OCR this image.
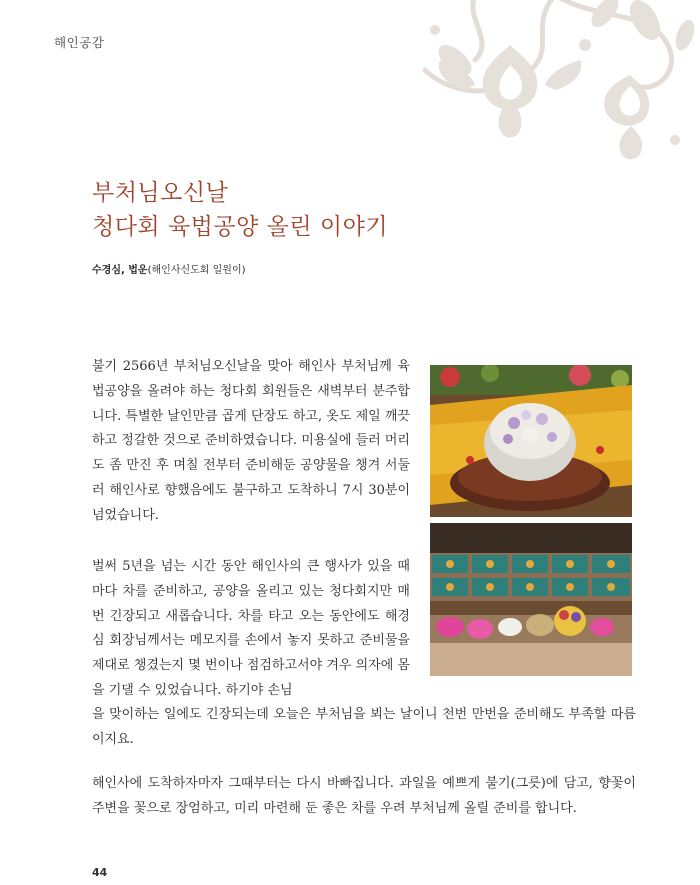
해인공감
부처님오신날
청다회 육법공양 올린 이야기
수경심, 법운(해인사신도회 일원이)
불기 2566년 부처님오신날을 맞아 해인사 부처님께 육법공양을 올려야 하는 청다회 회원들은 새벽부터 분주합니다. 특별한 날인만큼 곱게 단장도 하고, 옷도 제일 깨끗하고 정갈한 것으로 준비하였습니다. 미용실에 들러 머리도 좀 만진 후 며칠 전부터 준비해둔 공양물을 챙겨 서둘러 해인사로 향했음에도 불구하고 도착하니 7시 30분이 넘었습니다.
벌써 5년을 넘는 시간 동안 해인사의 큰 행사가 있을 때마다 차를 준비하고, 공양을 올리고 있는 청다회지만 매번 긴장되고 새롭습니다. 차를 타고 오는 동안에도 해경심 회장님께서는 메모지를 손에서 놓지 못하고 준비물을 제대로 챙겼는지 몇 번이나 점검하고서야 겨우 의자에 몸을 기댈 수 있었습니다. 하기야 손님
을 맞이하는 일에도 긴장되는데 오늘은 부처님을 뵈는 날이니 천번 만번을 준비해도 부족할 따름이지요.
해인사에 도착하자마자 그때부터는 다시 바빠집니다. 과일을 예쁘게 불기(그릇)에 담고, 향꽃이 주변을 꽃으로 장엄하고, 미리 마련해 둔 좋은 차를 우려 부처님께 올릴 준비를 합니다.
44
